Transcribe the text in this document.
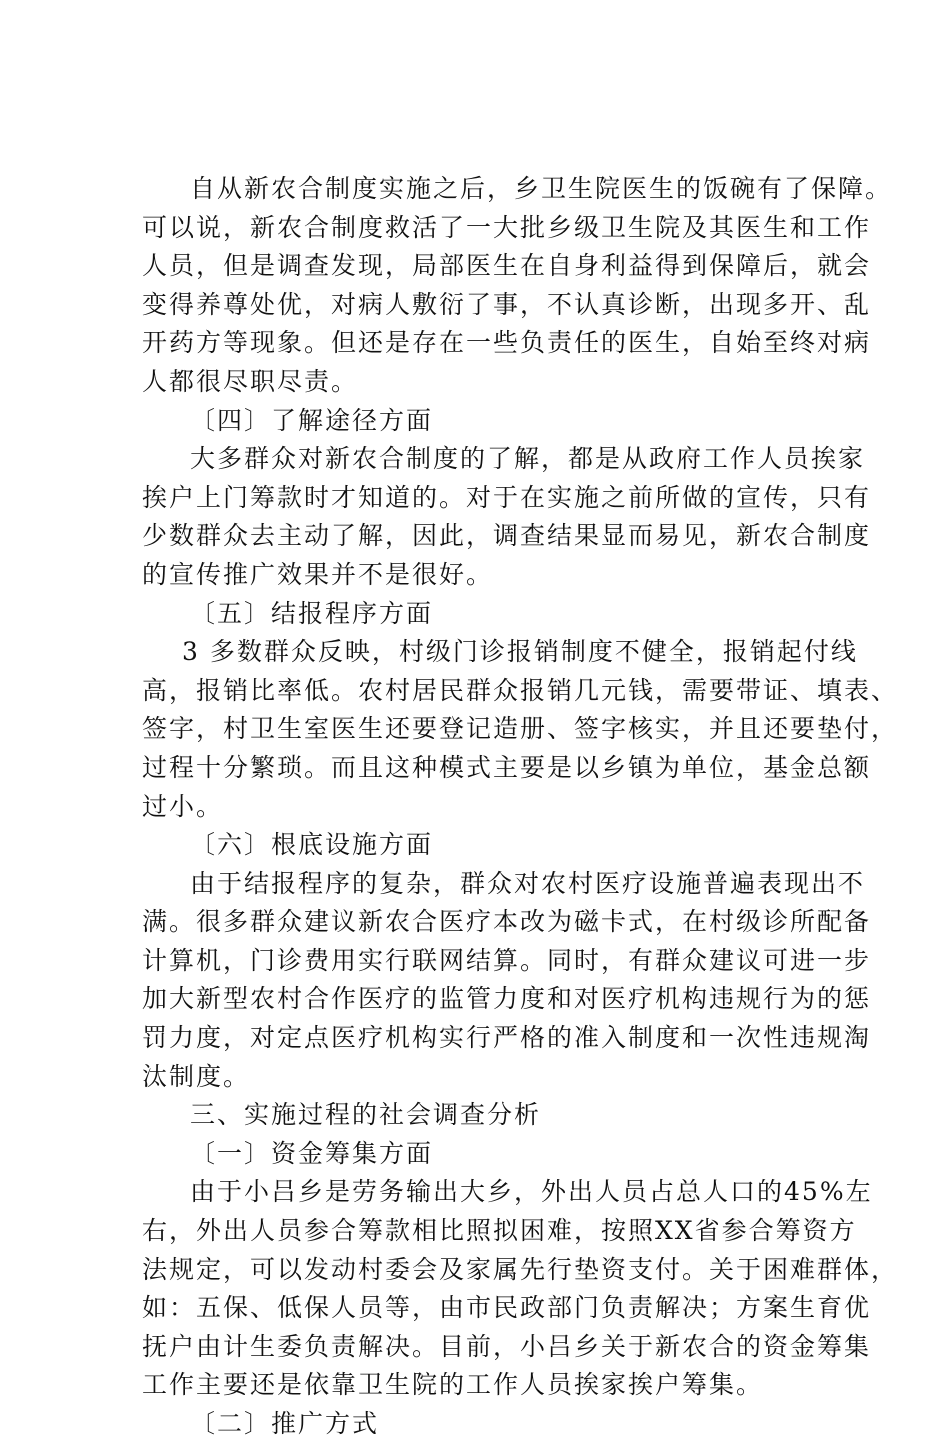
自从新农合制度实施之后，乡卫生院医生的饭碗有了保障。
可以说，新农合制度救活了一大批乡级卫生院及其医生和工作
人员，但是调查发现，局部医生在自身利益得到保障后，就会
变得养尊处优，对病人敷衍了事，不认真诊断，出现多开、乱
开药方等现象。但还是存在一些负责任的医生，自始至终对病
人都很尽职尽责。

〔四〕了解途径方面

大多群众对新农合制度的了解，都是从政府工作人员挨家
挨户上门筹款时才知道的。对于在实施之前所做的宣传，只有
少数群众去主动了解，因此，调查结果显而易见，新农合制度
的宣传推广效果并不是很好。

〔五〕结报程序方面

3 多数群众反映，村级门诊报销制度不健全，报销起付线
高，报销比率低。农村居民群众报销几元钱，需要带证、填表、
签字，村卫生室医生还要登记造册、签字核实，并且还要垫付，
过程十分繁琐。而且这种模式主要是以乡镇为单位，基金总额
过小。

〔六〕根底设施方面

由于结报程序的复杂，群众对农村医疗设施普遍表现出不
满。很多群众建议新农合医疗本改为磁卡式，在村级诊所配备
计算机，门诊费用实行联网结算。同时，有群众建议可进一步
加大新型农村合作医疗的监管力度和对医疗机构违规行为的惩
罚力度，对定点医疗机构实行严格的准入制度和一次性违规淘
汰制度。

三、实施过程的社会调查分析

〔一〕资金筹集方面

由于小吕乡是劳务输出大乡，外出人员占总人口的45%左
右，外出人员参合筹款相比照拟困难，按照XX省参合筹资方
法规定，可以发动村委会及家属先行垫资支付。关于困难群体，
如：五保、低保人员等，由市民政部门负责解决；方案生育优
抚户由计生委负责解决。目前，小吕乡关于新农合的资金筹集
工作主要还是依靠卫生院的工作人员挨家挨户筹集。

〔二〕推广方式
